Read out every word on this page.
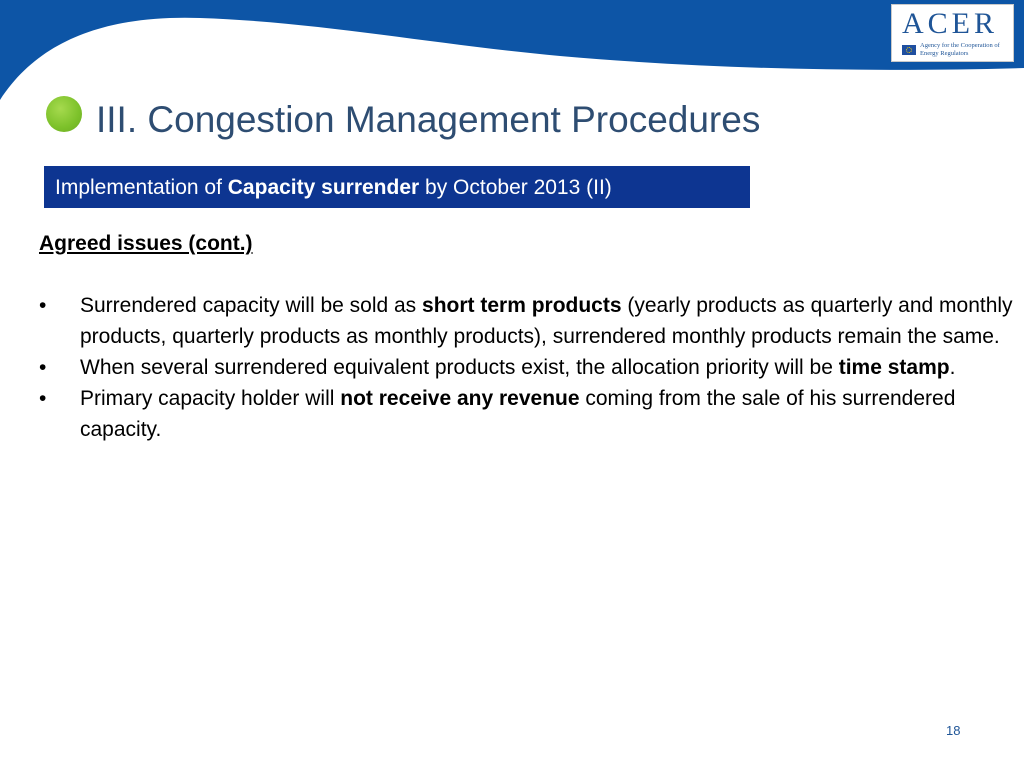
ACER
Agency for the Cooperation of Energy Regulators
III. Congestion Management Procedures
Implementation of Capacity surrender by October 2013 (II)
Agreed issues (cont.)
• Surrendered capacity will be sold as short term products (yearly products as quarterly and monthly products, quarterly products as monthly products), surrendered monthly products remain the same.
• When several surrendered equivalent products exist, the allocation priority will be time stamp.
• Primary capacity holder will not receive any revenue coming from the sale of his surrendered capacity.
18
